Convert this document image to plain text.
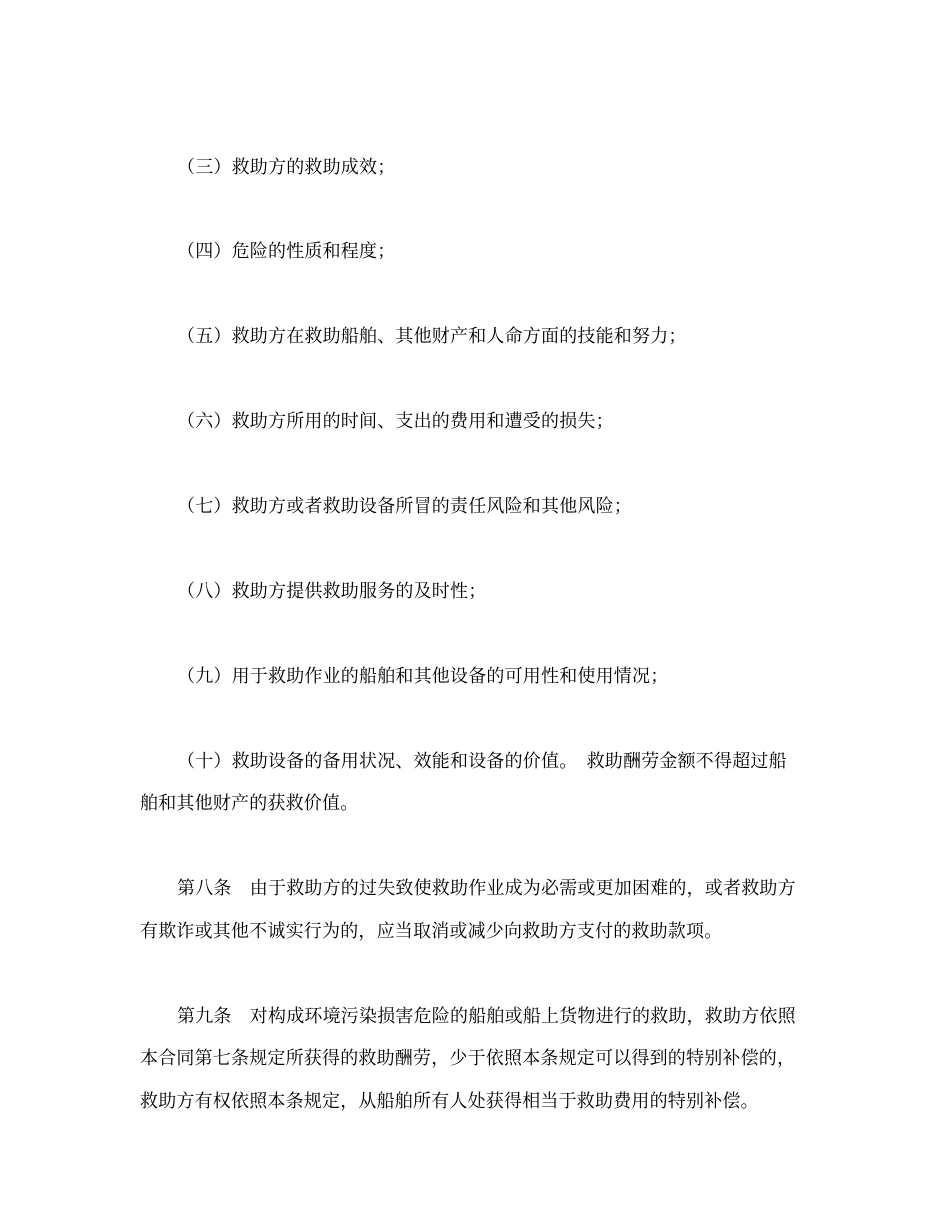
（三）救助方的救助成效；
（四）危险的性质和程度；
（五）救助方在救助船舶、其他财产和人命方面的技能和努力；
（六）救助方所用的时间、支出的费用和遭受的损失；
（七）救助方或者救助设备所冒的责任风险和其他风险；
（八）救助方提供救助服务的及时性；
（九）用于救助作业的船舶和其他设备的可用性和使用情况；
（十）救助设备的备用状况、效能和设备的价值。　救助酬劳金额不得超过船
舶和其他财产的获救价值。
第八条　由于救助方的过失致使救助作业成为必需或更加困难的，或者救助方
有欺诈或其他不诚实行为的，应当取消或减少向救助方支付的救助款项。
第九条　对构成环境污染损害危险的船舶或船上货物进行的救助，救助方依照
本合同第七条规定所获得的救助酬劳，少于依照本条规定可以得到的特别补偿的，
救助方有权依照本条规定，从船舶所有人处获得相当于救助费用的特别补偿。
